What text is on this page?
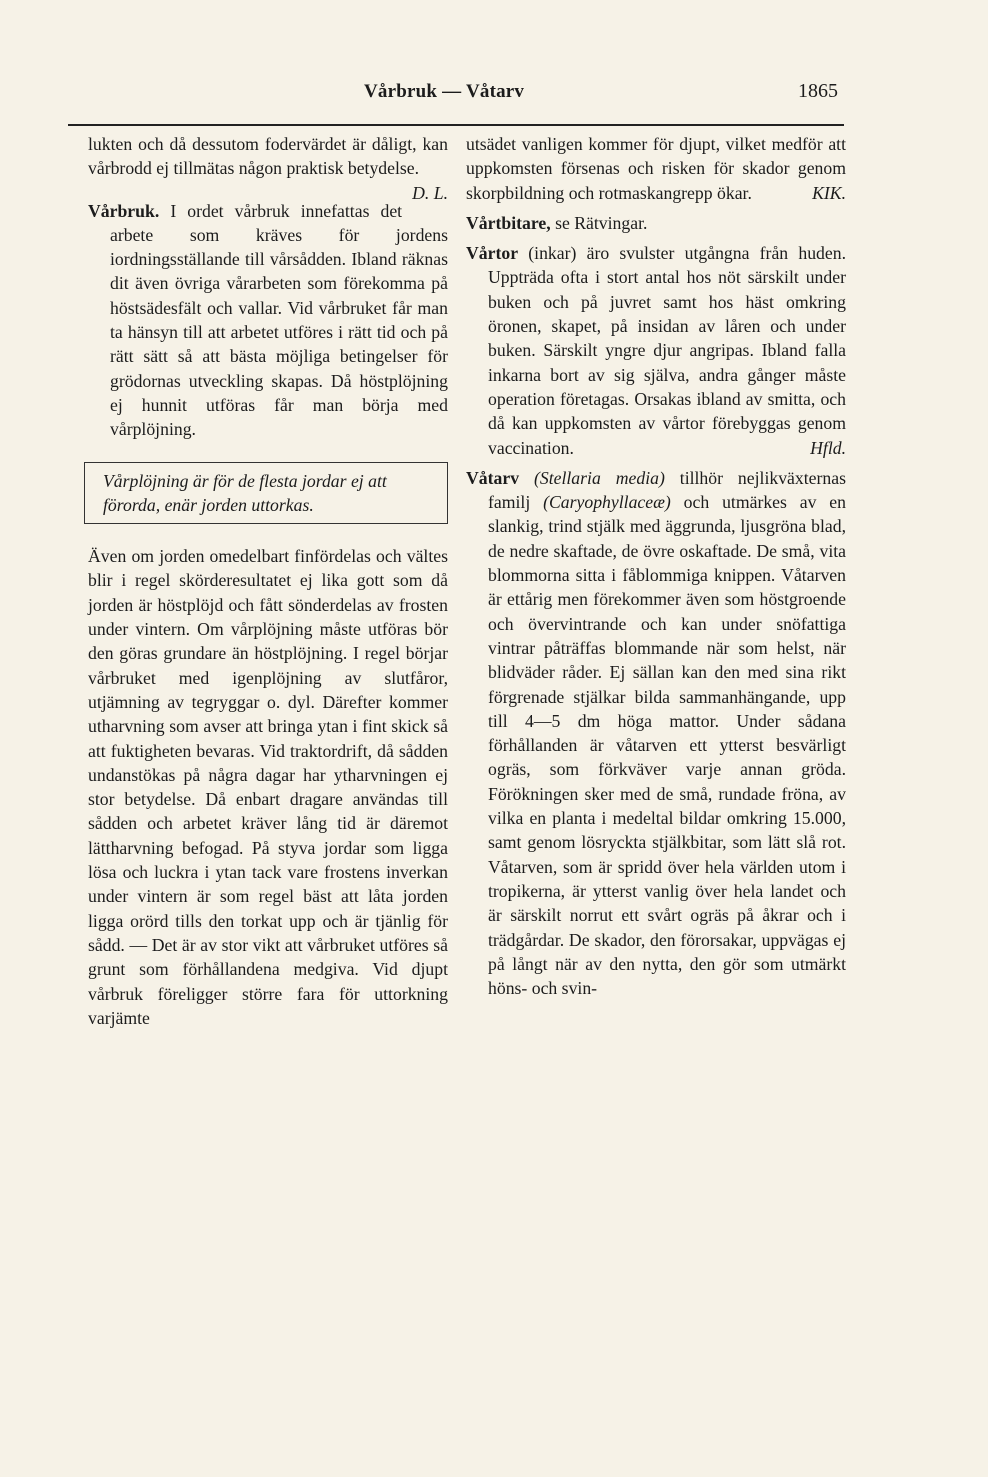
Vårbruk — Våtarv	1865

lukten och då dessutom fodervärdet är dåligt, kan vårbrodd ej tillmätas någon praktisk betydelse.
D. L.

Vårbruk. I ordet vårbruk innefattas det arbete som kräves för jordens iordningsställande till vårsådden. Ibland räknas dit även övriga vårarbeten som förekomma på höstsädesfält och vallar. Vid vårbruket får man ta hänsyn till att arbetet utföres i rätt tid och på rätt sätt så att bästa möjliga betingelser för grödornas utveckling skapas. Då höstplöjning ej hunnit utföras får man börja med vårplöjning.

Vårplöjning är för de flesta jordar ej att förorda, enär jorden uttorkas.

Även om jorden omedelbart finfördelas och vältes blir i regel skörderesultatet ej lika gott som då jorden är höstplöjd och fått sönderdelas av frosten under vintern. Om vårplöjning måste utföras bör den göras grundare än höstplöjning. I regel börjar vårbruket med igenplöjning av slutfåror, utjämning av tegryggar o. dyl. Därefter kommer utharvning som avser att bringa ytan i fint skick så att fuktigheten bevaras. Vid traktordrift, då sådden undanstökas på några dagar har ytharvningen ej stor betydelse. Då enbart dragare användas till sådden och arbetet kräver lång tid är däremot lättharvning befogad. På styva jordar som ligga lösa och luckra i ytan tack vare frostens inverkan under vintern är som regel bäst att låta jorden ligga orörd tills den torkat upp och är tjänlig för sådd. — Det är av stor vikt att vårbruket utföres så grunt som förhållandena medgiva. Vid djupt vårbruk föreligger större fara för uttorkning varjämte

utsädet vanligen kommer för djupt, vilket medför att uppkomsten försenas och risken för skador genom skorpbildning och rotmaskangrepp ökar.	KIK.

Vårtbitare, se Rätvingar.

Vårtor (inkar) äro svulster utgångna från huden. Uppträda ofta i stort antal hos nöt särskilt under buken och på juvret samt hos häst omkring öronen, skapet, på insidan av låren och under buken. Särskilt yngre djur angripas. Ibland falla inkarna bort av sig själva, andra gånger måste operation företagas. Orsakas ibland av smitta, och då kan uppkomsten av vårtor förebyggas genom vaccination.	Hfld.

Våtarv (Stellaria media) tillhör nejlikväxternas familj (Caryophyllaceæ) och utmärkes av en slankig, trind stjälk med äggrunda, ljusgröna blad, de nedre skaftade, de övre oskaftade. De små, vita blommorna sitta i fåblommiga knippen. Våtarven är ettårig men förekommer även som höstgroende och övervintrande och kan under snöfattiga vintrar påträffas blommande när som helst, när blidväder råder. Ej sällan kan den med sina rikt förgrenade stjälkar bilda sammanhängande, upp till 4—5 dm höga mattor. Under sådana förhållanden är våtarven ett ytterst besvärligt ogräs, som förkväver varje annan gröda. Förökningen sker med de små, rundade fröna, av vilka en planta i medeltal bildar omkring 15.000, samt genom lösryckta stjälkbitar, som lätt slå rot. Våtarven, som är spridd över hela världen utom i tropikerna, är ytterst vanlig över hela landet och är särskilt norrut ett svårt ogräs på åkrar och i trädgårdar. De skador, den förorsakar, uppvägas ej på långt när av den nytta, den gör som utmärkt höns- och svin-
